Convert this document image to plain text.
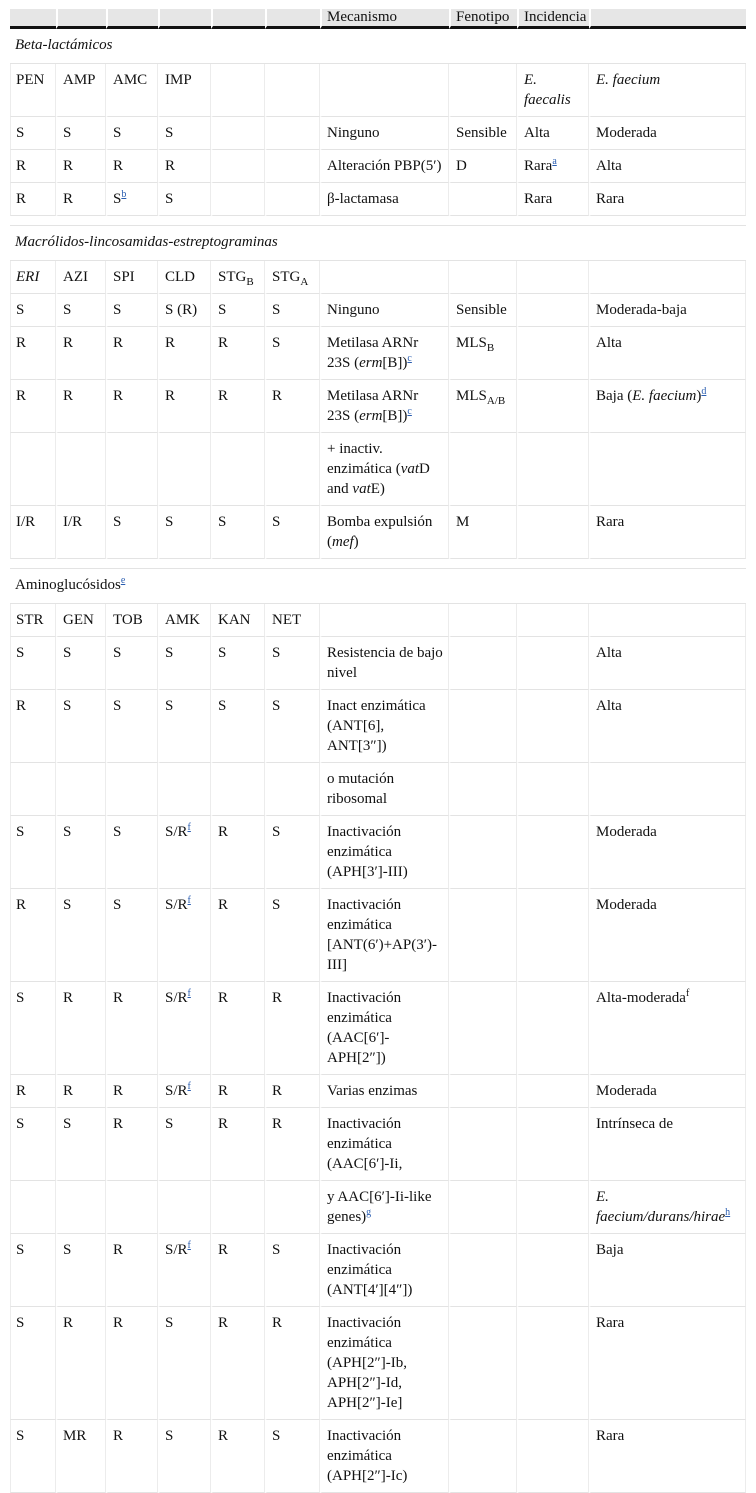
						Mecanismo	Fenotipo	Incidencia	
Beta-lactámicos									
PEN	AMP	AMC	IMP					E. faecalis	E. faecium
S	S	S	S			Ninguno	Sensible	Alta	Moderada
R	R	R	R			Alteración PBP(5′)	D	Rara$^a$	Alta
R	R	S$^b$	S			β-lactamasa		Rara	Rara

Macrólidos-lincosamidas-estreptograminas									
ERI	AZI	SPI	CLD	$STG_B$	$STG_A$				
S	S	S	S (R)	S	S	Ninguno	Sensible		Moderada-baja
R	R	R	R	R	S	Metilasa ARNr 23S (erm[B])$^c$	$MLS_B$		Alta
R	R	R	R	R	R	Metilasa ARNr 23S (erm[B])$^c$	$MLS_{A/B}$		Baja (E. faecium)$^d$
						+ inactiv. enzimática (vatD and vatE)			
I/R	I/R	S	S	S	S	Bomba expulsión (mef)	M		Rara

Aminoglucósidos$^e$
STR	GEN	TOB	AMK	KAN	NET				
S	S	S	S	S	S	Resistencia de bajo nivel			Alta
R	S	S	S	S	S	Inact enzimática (ANT[6], ANT[3″])			Alta
						o mutación ribosomal			
S	S	S	S/R$^f$	R	S	Inactivación enzimática (APH[3′]-III)			Moderada
R	S	S	S/R$^f$	R	S	Inactivación enzimática [ANT(6′)+AP(3′)-III]			Moderada
S	R	R	S/R$^f$	R	R	Inactivación enzimática (AAC[6′]-APH[2″])			Alta-moderada$^f$
R	R	R	S/R$^f$	R	R	Varias enzimas			Moderada
S	S	R	S	R	R	Inactivación enzimática (AAC[6′]-Ii,			Intrínseca de
						y AAC[6′]-Ii-like genes)$^g$			E. faecium/durans/hirae$^h$
S	S	R	S/R$^f$	R	S	Inactivación enzimática (ANT[4′][4″])			Baja
S	R	R	S	R	R	Inactivación enzimática (APH[2″]-Ib, APH[2″]-Id, APH[2″]-Ie]			Rara
S	MR	R	S	R	S	Inactivación enzimática (APH[2″]-Ic)			Rara
